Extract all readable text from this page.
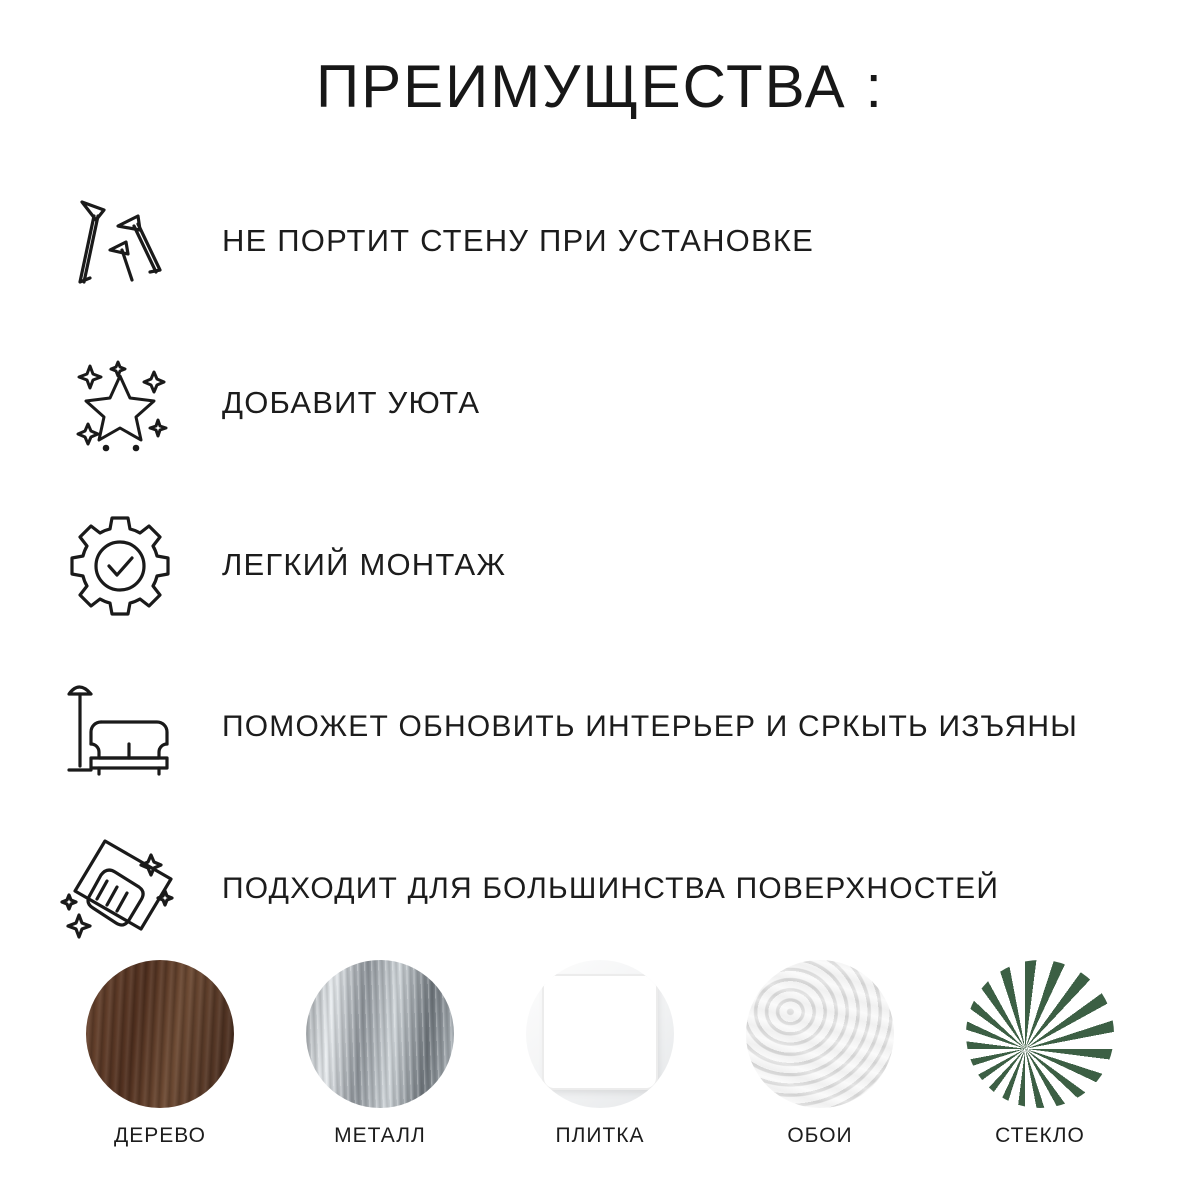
ПРЕИМУЩЕСТВА :
НЕ ПОРТИТ СТЕНУ ПРИ УСТАНОВКЕ
ДОБАВИТ УЮТА
ЛЕГКИЙ МОНТАЖ
ПОМОЖЕТ ОБНОВИТЬ ИНТЕРЬЕР И СРКЫТЬ ИЗЪЯНЫ
ПОДХОДИТ ДЛЯ БОЛЬШИНСТВА ПОВЕРХНОСТЕЙ
ДЕРЕВО	МЕТАЛЛ	ПЛИТКА	ОБОИ	СТЕКЛО
